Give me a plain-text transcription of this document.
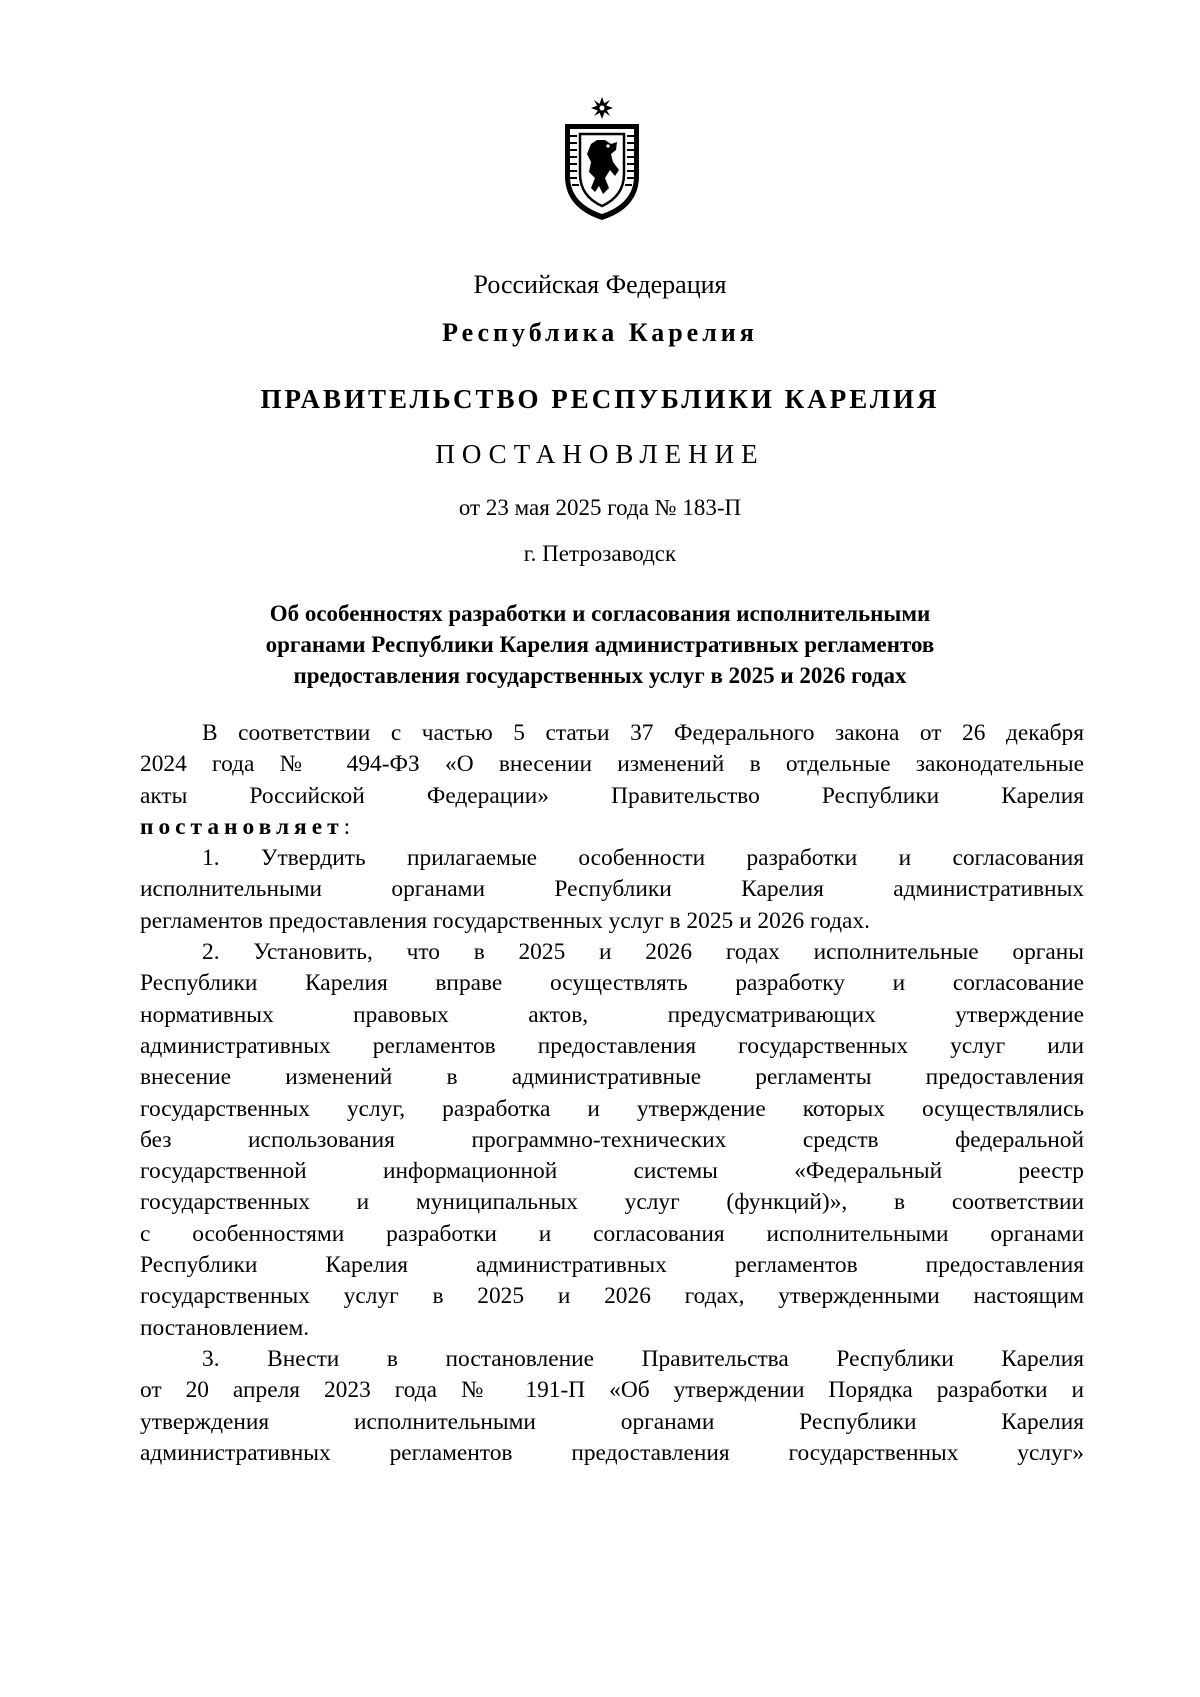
Российская Федерация
Республика Карелия
ПРАВИТЕЛЬСТВО РЕСПУБЛИКИ КАРЕЛИЯ
ПОСТАНОВЛЕНИЕ
от 23 мая 2025 года № 183-П
г. Петрозаводск
Об особенностях разработки и согласования исполнительными
органами Республики Карелия административных регламентов
предоставления государственных услуг в 2025 и 2026 годах
В соответствии с частью 5 статьи 37 Федерального закона от 26 декабря
2024 года № 494-ФЗ «О внесении изменений в отдельные законодательные
акты Российской Федерации» Правительство Республики Карелия
постановляет:
1. Утвердить прилагаемые особенности разработки и согласования
исполнительными органами Республики Карелия административных
регламентов предоставления государственных услуг в 2025 и 2026 годах.
2. Установить, что в 2025 и 2026 годах исполнительные органы
Республики Карелия вправе осуществлять разработку и согласование
нормативных правовых актов, предусматривающих утверждение
административных регламентов предоставления государственных услуг или
внесение изменений в административные регламенты предоставления
государственных услуг, разработка и утверждение которых осуществлялись
без использования программно-технических средств федеральной
государственной информационной системы «Федеральный реестр
государственных и муниципальных услуг (функций)», в соответствии
с особенностями разработки и согласования исполнительными органами
Республики Карелия административных регламентов предоставления
государственных услуг в 2025 и 2026 годах, утвержденными настоящим
постановлением.
3. Внести в постановление Правительства Республики Карелия
от 20 апреля 2023 года № 191-П «Об утверждении Порядка разработки и
утверждения исполнительными органами Республики Карелия
административных регламентов предоставления государственных услуг»
